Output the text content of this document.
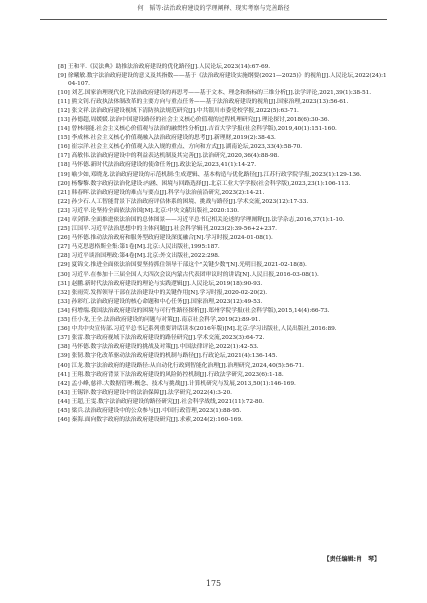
何　韬等:法治政府建设的学理阐释、现实考察与完善路径
[8] 王和平.《民法典》助推法治政府建设的优化路径[J].人民论坛,2023(14):67-69.
[9] 徐曦敏.数字法治政府建设的意义及其指数——基于《法治政府建设实施纲要(2021—2025)》的视角[J].人民论坛,2022(24):104-107.
[10] 刘艺.国家治理现代化下法治政府建设的再思考——基于文本、理念和指标的三维分析[J].法学评论,2021,39(1):38-51.
[11] 熊文钊.行政执法体制改革的主要方向与重点任务——基于法治政府建设的视角[J].国家治理,2023(13):56-61.
[12] 张文祥.法治政府建设视域下清防执法规范研究[J].中共银川市委党校学报,2022(5):63-71.
[13] 孙德超,周媛媛.法治中国建设路径的社会主义核心价值观的过程机理研究[J].理论探讨,2018(6):30-36.
[14] 曾林翊能.社会主义核心价值观与法治的融贯性分析[J].吉首大学学报(社会科学版),2019,40(1):151-160.
[15] 李成林.社会主义核心价值观融入法治政府建设的思考[J].新理财,2019(2):38-43.
[16] 崔宗洋.社会主义核心价值观入法入规的重点、方向和方式[J].湖南论坛,2023,33(4):58-70.
[17] 高敏伟.法治政府建设中的利益表达机制及其完善[J].法治研究,2020,36(4):88-98.
[18] 马怀德.新时代法治政府建设的使命任务[J].政法论坛,2023,41(1):14-27.
[19] 喻少如,邓晓龙.法治政府建设的示范机制:生成逻辑、基本构造与优化路径[J].江苏行政学院学报,2023(1):129-136.
[20] 杨黎黎.数字政府法治化建设:内涵、困境与回路选择[J].北京工业大学学报(社会科学版),2023,23(1):106-113.
[21] 韩春晖.法治政府建设的难点与要点[J].科学与法治前沿研究,2023(2):14-21.
[22] 孙少石.人工智能背景下法治政府评估体系的困境、挑战与路径[J].学术交流,2023(12):17-33.
[23] 习近平.论坚持全面依法治国[M].北京:中央文献出版社,2020:130.
[24] 章剑锋.全面推进依法治国的总体图景——习近平总书记相关论述的学理阐释[J].法学杂志,2016,37(1):1-10.
[25] 江国平.习近平法治思想中的主体问题[J].社会科学辑刊,2023(2):39-56+2+237.
[26] 马怀德.推动法治政府和服务型政府建设深度融合[N].学习时报,2024-01-08(1).
[27] 马克思恩格斯全集:第1卷[M].北京:人民出版社,1995:187.
[28] 习近平谈治国理政:第4卷[M].北京:外文出版社,2022:298.
[29] 夏锦文.推进全面依法治国要坚持抓住领导干部这个"关键少数"[N].光明日报,2021-02-18(8).
[30] 习近平.在参加十三届全国人大四次会议内蒙古代表团审议时的讲话[N].人民日报,2016-03-08(1).
[31] 赵鹏.新时代法治政府建设的理论与实践逻辑[J].人民论坛,2019(18):90-93.
[32] 张雨荧.发挥领导干部在法治建设中的关键作用[N].学习时报,2020-02-20(2).
[33] 孙彩红.法治政府建设的核心命题和中心任务[J].国家治理,2023(12):49-53.
[34] 何增端.我国法治政府建设的困境与可行性路径探析[J].郑州学院学报(社会科学版),2015,14(4):66-73.
[35] 任小龙,王全.法治政府建设的问题与对策[J].南京社会科学,2019(2):89-91.
[36] 中共中央宣传部.习近平总书记系列重要讲话读本(2016年版)[M].北京:学习出版社,人民出版社,2016:89.
[37] 张雷.数字政府视域下法治政府建设的路径研究[J].学术交流,2023(3):64-72.
[38] 马怀德.数字法治政府建设的挑战及对策[J].中国法律评论,2022(1):42-53.
[39] 张韧.数字化改革驱动法治政府建设的机制与路径[J].行政论坛,2021(4):136-145.
[40] 江龙.数字法治政府的建设路径:从自动化行政到智能化治理[J].治理研究,2024,40(5):56-71.
[41] 王翔.数字政府背景下法治政府建设的风险防控机制[J].行政法学研究,2023(6):1-18.
[42] 孟小峰,慈祥.大数据管理:概念、技术与挑战[J].计算机研究与发展,2013,50(1):146-169.
[43] 王锡锌.数字政府建设中的法治保障[J].法学研究,2022(4):3-20.
[44] 王超,王雯.数字法治政府建设的路径研究[J].社会科学战线,2021(11):72-80.
[45] 梁兵.法治政府建设中的公众参与[J].中国行政管理,2023(1):88-95.
[46] 秦海.面向数字政府的法治政府建设研究[J].求索,2024(2):160-169.
【责任编辑:肖　琴】
175
